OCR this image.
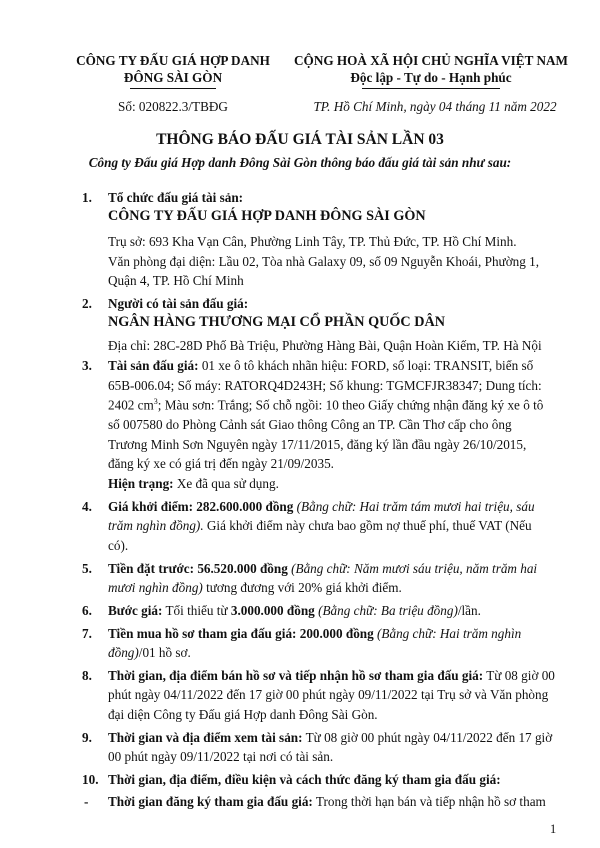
CÔNG TY ĐẤU GIÁ HỢP DANH
ĐÔNG SÀI GÒN
Số: 020822.3/TBĐG
CỘNG HOÀ XÃ HỘI CHỦ NGHĨA VIỆT NAM
Độc lập - Tự do - Hạnh phúc
TP. Hồ Chí Minh, ngày 04 tháng 11 năm 2022
THÔNG BÁO ĐẤU GIÁ TÀI SẢN LẦN 03
Công ty Đấu giá Hợp danh Đông Sài Gòn thông báo đấu giá tài sản như sau:
1. Tổ chức đấu giá tài sản:
CÔNG TY ĐẤU GIÁ HỢP DANH ĐÔNG SÀI GÒN
Trụ sở: 693 Kha Vạn Cân, Phường Linh Tây, TP. Thủ Đức, TP. Hồ Chí Minh.
Văn phòng đại diện: Lầu 02, Tòa nhà Galaxy 09, số 09 Nguyễn Khoái, Phường 1,
Quận 4, TP. Hồ Chí Minh
2. Người có tài sản đấu giá:
NGÂN HÀNG THƯƠNG MẠI CỔ PHẦN QUỐC DÂN
Địa chỉ: 28C-28D Phố Bà Triệu, Phường Hàng Bài, Quận Hoàn Kiếm, TP. Hà Nội
3. Tài sản đấu giá: 01 xe ô tô khách nhãn hiệu: FORD, số loại: TRANSIT, biển số
65B-006.04; Số máy: RATORQ4D243H; Số khung: TGMCFJR38347; Dung tích:
2402 $cm^3$; Màu sơn: Trắng; Số chỗ ngồi: 10 theo Giấy chứng nhận đăng ký xe ô tô
số 007580 do Phòng Cảnh sát Giao thông Công an TP. Cần Thơ cấp cho ông
Trương Minh Sơn Nguyên ngày 17/11/2015, đăng ký lần đầu ngày 26/10/2015,
đăng ký xe có giá trị đến ngày 21/09/2035.
Hiện trạng: Xe đã qua sử dụng.
4. Giá khởi điểm: 282.600.000 đồng (Bằng chữ: Hai trăm tám mươi hai triệu, sáu
trăm nghìn đồng). Giá khởi điểm này chưa bao gồm nợ thuế phí, thuế VAT (Nếu
có).
5. Tiền đặt trước: 56.520.000 đồng (Bằng chữ: Năm mươi sáu triệu, năm trăm hai
mươi nghìn đồng) tương đương với 20% giá khởi điểm.
6. Bước giá: Tối thiểu từ 3.000.000 đồng (Bằng chữ: Ba triệu đồng)/lần.
7. Tiền mua hồ sơ tham gia đấu giá: 200.000 đồng (Bằng chữ: Hai trăm nghìn
đồng)/01 hồ sơ.
8. Thời gian, địa điểm bán hồ sơ và tiếp nhận hồ sơ tham gia đấu giá: Từ 08 giờ 00
phút ngày 04/11/2022 đến 17 giờ 00 phút ngày 09/11/2022 tại Trụ sở và Văn phòng
đại diện Công ty Đấu giá Hợp danh Đông Sài Gòn.
9. Thời gian và địa điểm xem tài sản: Từ 08 giờ 00 phút ngày 04/11/2022 đến 17 giờ
00 phút ngày 09/11/2022 tại nơi có tài sản.
10. Thời gian, địa điểm, điều kiện và cách thức đăng ký tham gia đấu giá:
- Thời gian đăng ký tham gia đấu giá: Trong thời hạn bán và tiếp nhận hồ sơ tham
1
